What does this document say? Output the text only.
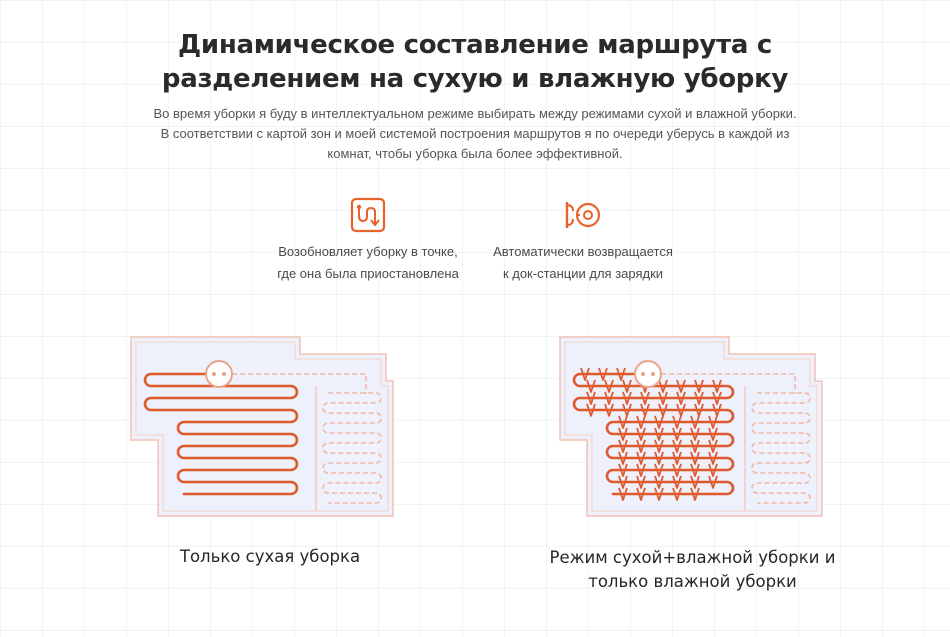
Динамическое составление маршрута с
разделением на сухую и влажную уборку
Во время уборки я буду в интеллектуальном режиме выбирать между режимами сухой и влажной уборки. В соответствии с картой зон и моей системой построения маршрутов я по очереди уберусь в каждой из комнат, чтобы уборка была более эффективной.
Возобновляет уборку в точке,
где она была приостановлена
Автоматически возвращается
к док-станции для зарядки
Только сухая уборка	Режим сухой+влажной уборки и
только влажной уборки
